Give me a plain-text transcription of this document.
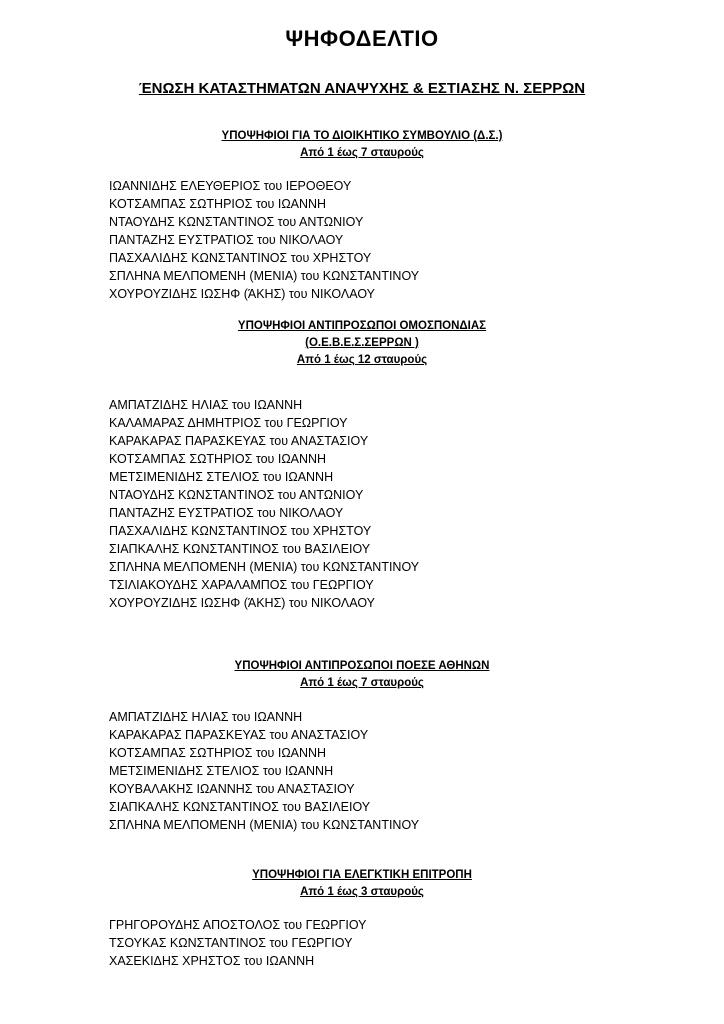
ΨΗΦΟΔΕΛΤΙΟ
ΈΝΩΣΗ ΚΑΤΑΣΤΗΜΑΤΩΝ ΑΝΑΨΥΧΗΣ & ΕΣΤΙΑΣΗΣ Ν. ΣΕΡΡΩΝ
ΥΠΟΨΗΦΙΟΙ ΓΙΑ ΤΟ ΔΙΟΙΚΗΤΙΚΟ ΣΥΜΒΟΥΛΙΟ (Δ.Σ.)
Από 1 έως 7 σταυρούς
ΙΩΑΝΝΙΔΗΣ ΕΛΕΥΘΕΡΙΟΣ του ΙΕΡΟΘΕΟΥ
ΚΟΤΣΑΜΠΑΣ ΣΩΤΗΡΙΟΣ του ΙΩΑΝΝΗ
ΝΤΑΟΥΔΗΣ ΚΩΝΣΤΑΝΤΙΝΟΣ του ΑΝΤΩΝΙΟΥ
ΠΑΝΤΑΖΗΣ ΕΥΣΤΡΑΤΙΟΣ του ΝΙΚΟΛΑΟΥ
ΠΑΣΧΑΛΙΔΗΣ ΚΩΝΣΤΑΝΤΙΝΟΣ του ΧΡΗΣΤΟΥ
ΣΠΛΗΝΑ ΜΕΛΠΟΜΕΝΗ (ΜΕΝΙΑ) του ΚΩΝΣΤΑΝΤΙΝΟΥ
ΧΟΥΡΟΥΖΙΔΗΣ ΙΩΣΗΦ (ΆΚΗΣ) του ΝΙΚΟΛΑΟΥ
ΥΠΟΨΗΦΙΟΙ ΑΝΤΙΠΡΟΣΩΠΟΙ ΟΜΟΣΠΟΝΔΙΑΣ
(Ο.Ε.Β.Ε.Σ.ΣΕΡΡΩΝ )
Από 1 έως 12 σταυρούς
ΑΜΠΑΤΖΙΔΗΣ ΗΛΙΑΣ του ΙΩΑΝΝΗ
ΚΑΛΑΜΑΡΑΣ ΔΗΜΗΤΡΙΟΣ του ΓΕΩΡΓΙΟΥ
ΚΑΡΑΚΑΡΑΣ ΠΑΡΑΣΚΕΥΑΣ του ΑΝΑΣΤΑΣΙΟΥ
ΚΟΤΣΑΜΠΑΣ ΣΩΤΗΡΙΟΣ του ΙΩΑΝΝΗ
ΜΕΤΣΙΜΕΝΙΔΗΣ ΣΤΕΛΙΟΣ του ΙΩΑΝΝΗ
ΝΤΑΟΥΔΗΣ ΚΩΝΣΤΑΝΤΙΝΟΣ του ΑΝΤΩΝΙΟΥ
ΠΑΝΤΑΖΗΣ ΕΥΣΤΡΑΤΙΟΣ του ΝΙΚΟΛΑΟΥ
ΠΑΣΧΑΛΙΔΗΣ ΚΩΝΣΤΑΝΤΙΝΟΣ του ΧΡΗΣΤΟΥ
ΣΙΑΠΚΑΛΗΣ ΚΩΝΣΤΑΝΤΙΝΟΣ του ΒΑΣΙΛΕΙΟΥ
ΣΠΛΗΝΑ ΜΕΛΠΟΜΕΝΗ (ΜΕΝΙΑ) του ΚΩΝΣΤΑΝΤΙΝΟΥ
ΤΣΙΛΙΑΚΟΥΔΗΣ ΧΑΡΑΛΑΜΠΟΣ του ΓΕΩΡΓΙΟΥ
ΧΟΥΡΟΥΖΙΔΗΣ ΙΩΣΗΦ (ΆΚΗΣ) του ΝΙΚΟΛΑΟΥ
ΥΠΟΨΗΦΙΟΙ ΑΝΤΙΠΡΟΣΩΠΟΙ ΠΟΕΣΕ ΑΘΗΝΩΝ
Από 1 έως 7 σταυρούς
ΑΜΠΑΤΖΙΔΗΣ ΗΛΙΑΣ του ΙΩΑΝΝΗ
ΚΑΡΑΚΑΡΑΣ ΠΑΡΑΣΚΕΥΑΣ του ΑΝΑΣΤΑΣΙΟΥ
ΚΟΤΣΑΜΠΑΣ ΣΩΤΗΡΙΟΣ του ΙΩΑΝΝΗ
ΜΕΤΣΙΜΕΝΙΔΗΣ ΣΤΕΛΙΟΣ του ΙΩΑΝΝΗ
ΚΟΥΒΑΛΑΚΗΣ ΙΩΑΝΝΗΣ του ΑΝΑΣΤΑΣΙΟΥ
ΣΙΑΠΚΑΛΗΣ ΚΩΝΣΤΑΝΤΙΝΟΣ του ΒΑΣΙΛΕΙΟΥ
ΣΠΛΗΝΑ ΜΕΛΠΟΜΕΝΗ (ΜΕΝΙΑ) του ΚΩΝΣΤΑΝΤΙΝΟΥ
ΥΠΟΨΗΦΙΟΙ ΓΙΑ ΕΛΕΓΚΤΙΚΗ ΕΠΙΤΡΟΠΗ
Από 1 έως 3 σταυρούς
ΓΡΗΓΟΡΟΥΔΗΣ ΑΠΟΣΤΟΛΟΣ του ΓΕΩΡΓΙΟΥ
ΤΣΟΥΚΑΣ ΚΩΝΣΤΑΝΤΙΝΟΣ του ΓΕΩΡΓΙΟΥ
ΧΑΣΕΚΙΔΗΣ ΧΡΗΣΤΟΣ του ΙΩΑΝΝΗ
